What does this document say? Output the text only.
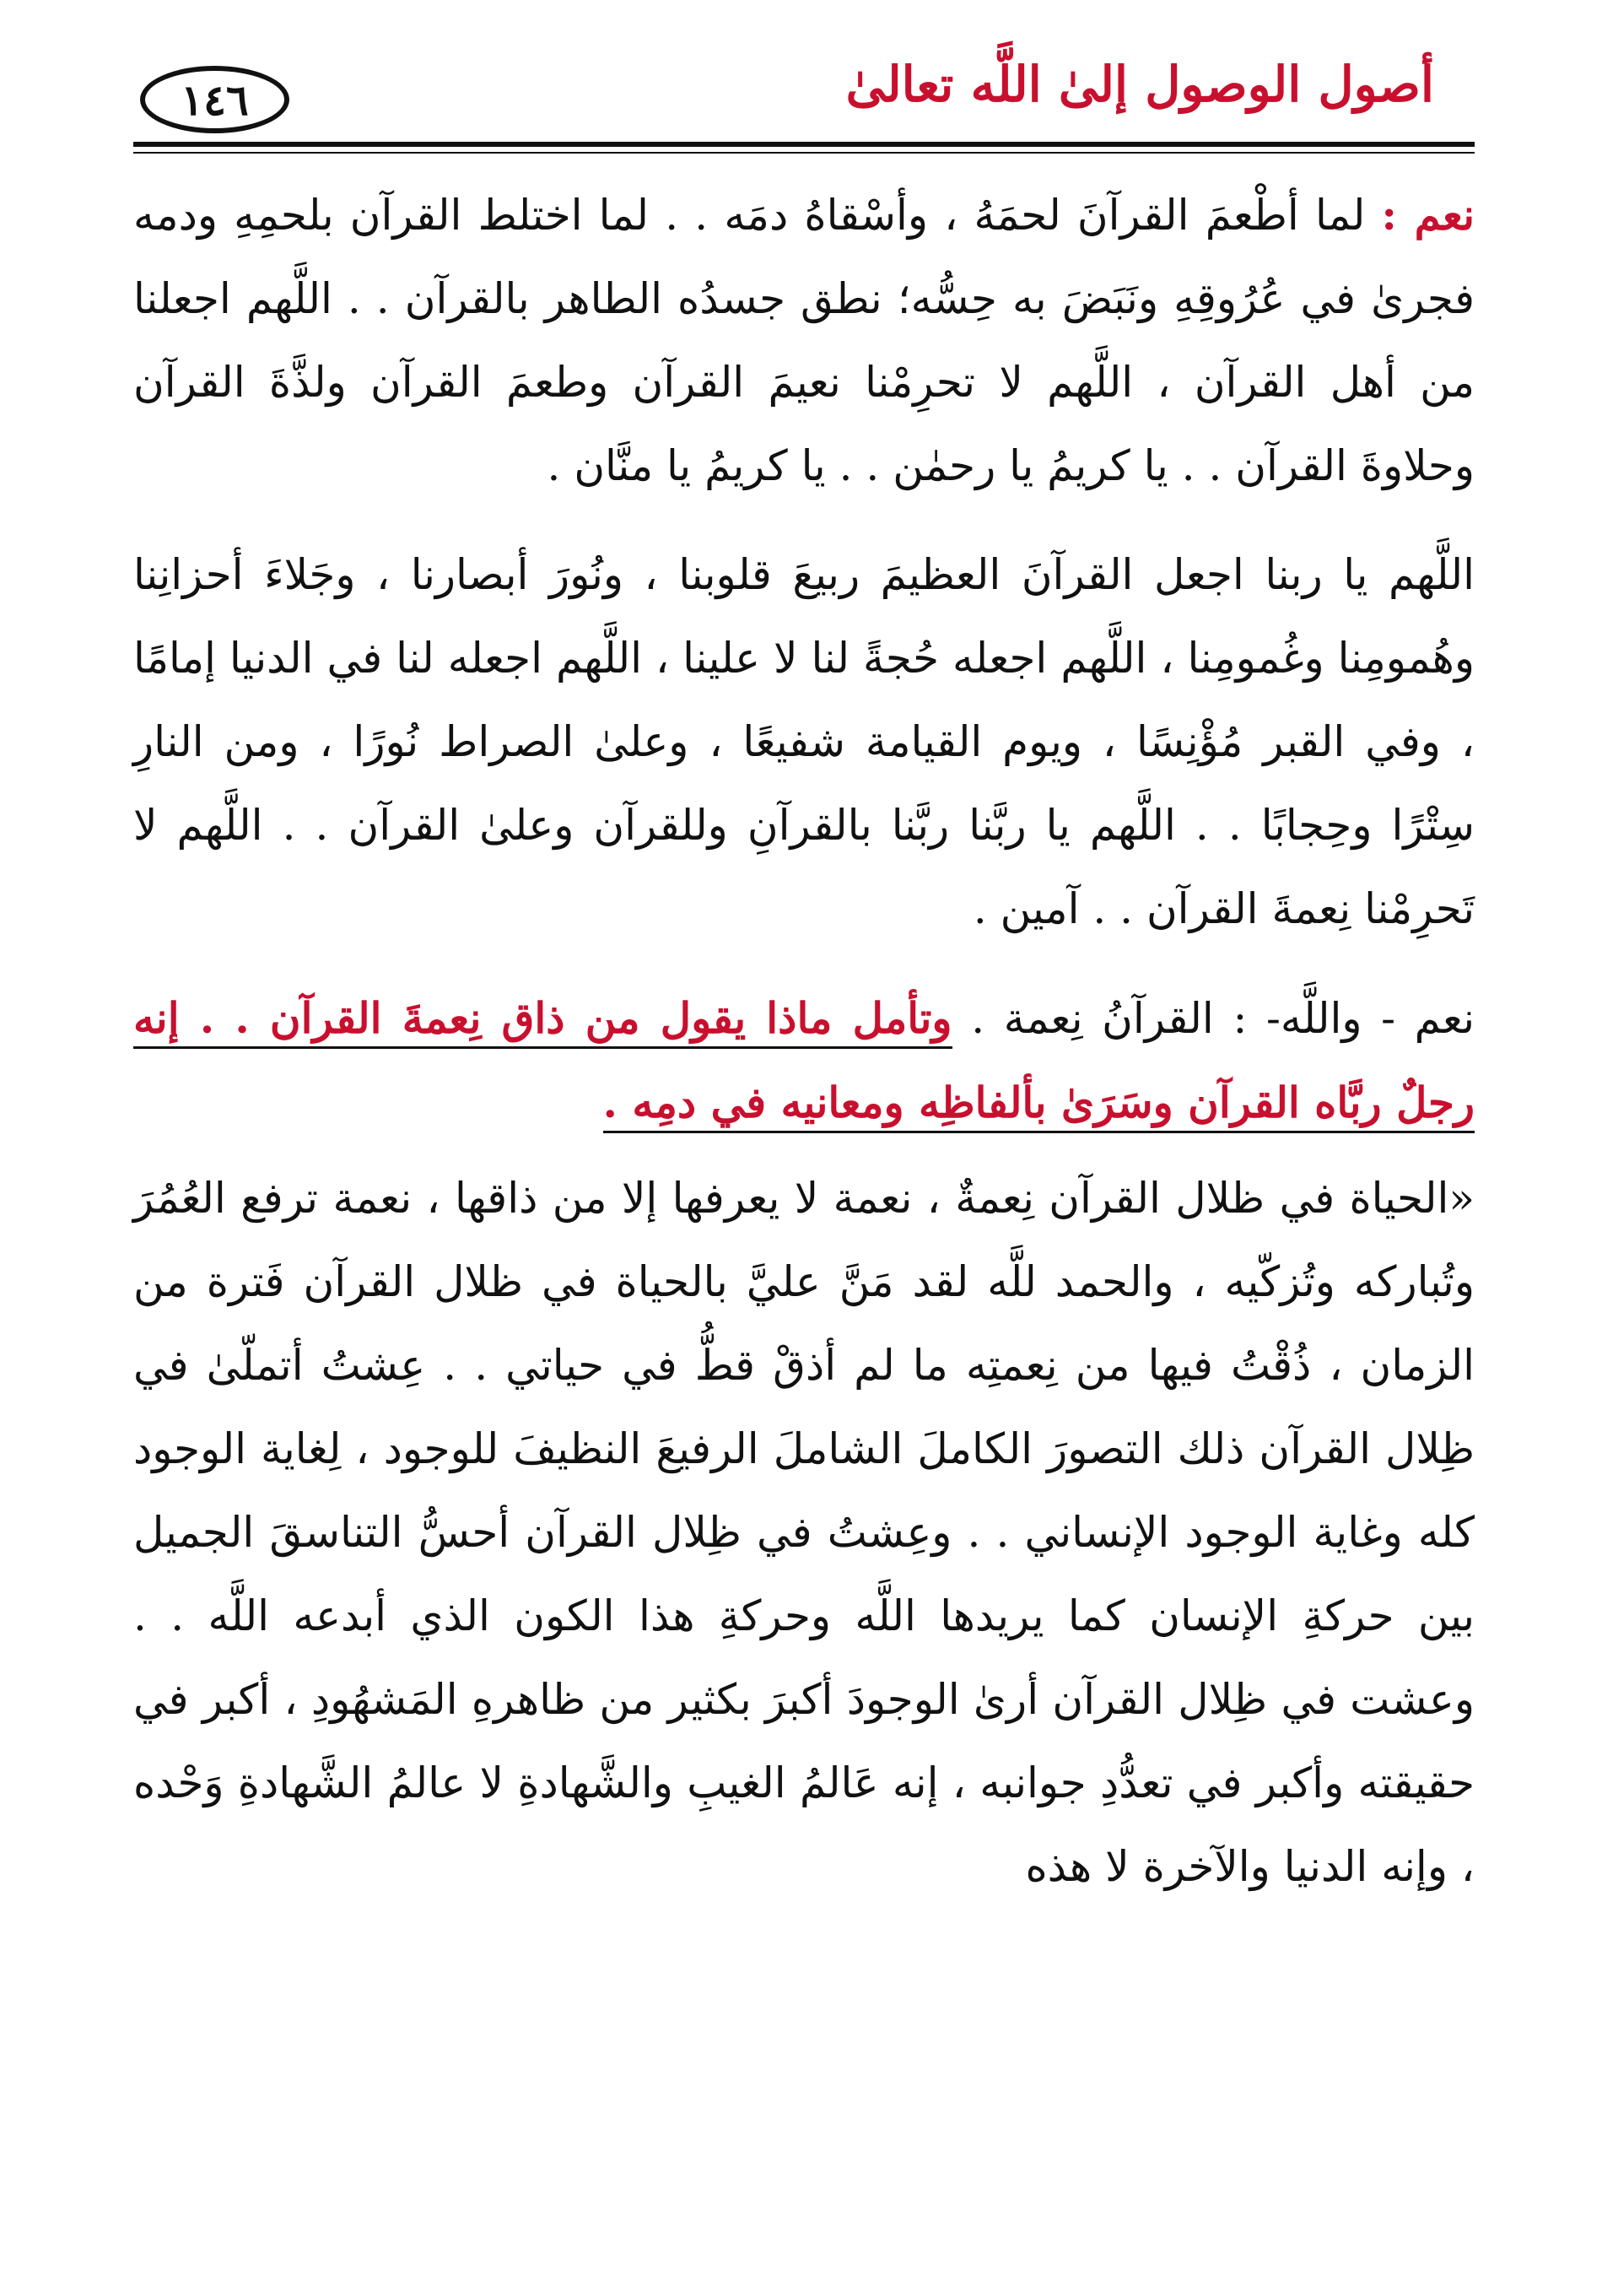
أصول الوصول إلىٰ اللَّه تعالىٰ
١٤٦

نعم : لما أطْعمَ القرآنَ لحمَهُ ، وأسْقاهُ دمَه . . لما اختلط القرآن بلحمِهِ ودمه فجرىٰ في عُرُوقِهِ ونَبَضَ به حِسُّه؛ نطق جسدُه الطاهر بالقرآن . . اللَّهم اجعلنا من أهل القرآن ، اللَّهم لا تحرِمْنا نعيمَ القرآن وطعمَ القرآن ولذَّةَ القرآن وحلاوةَ القرآن . . يا كريمُ يا رحمٰن . . يا كريمُ يا منَّان .

اللَّهم يا ربنا اجعل القرآنَ العظيمَ ربيعَ قلوبنا ، ونُورَ أبصارنا ، وجَلاءَ أحزانِنا وهُمومِنا وغُمومِنا ، اللَّهم اجعله حُجةً لنا لا علينا ، اللَّهم اجعله لنا في الدنيا إمامًا ، وفي القبر مُؤْنِسًا ، ويوم القيامة شفيعًا ، وعلىٰ الصراط نُورًا ، ومن النارِ سِتْرًا وحِجابًا . . اللَّهم يا ربَّنا ربَّنا بالقرآنِ وللقرآن وعلىٰ القرآن . . اللَّهم لا تَحرِمْنا نِعمةَ القرآن . . آمين .

نعم - واللَّه- : القرآنُ نِعمة . وتأمل ماذا يقول من ذاق نِعمةَ القرآن . . إنه رجلٌ ربَّاه القرآن وسَرَىٰ بألفاظِه ومعانيه في دمِه .

«الحياة في ظلال القرآن نِعمةٌ ، نعمة لا يعرفها إلا من ذاقها ، نعمة ترفع العُمُرَ وتُباركه وتُزكّيه ، والحمد للَّه لقد مَنَّ عليَّ بالحياة في ظلال القرآن فَترة من الزمان ، ذُقْتُ فيها من نِعمتِه ما لم أذقْ قطُّ في حياتي . . عِشتُ أتملّىٰ في ظِلال القرآن ذلك التصورَ الكاملَ الشاملَ الرفيعَ النظيفَ للوجود ، لِغاية الوجود كله وغاية الوجود الإنساني . . وعِشتُ في ظِلال القرآن أحسُّ التناسقَ الجميل بين حركةِ الإنسان كما يريدها اللَّه وحركةِ هذا الكون الذي أبدعه اللَّه . . وعشت في ظِلال القرآن أرىٰ الوجودَ أكبرَ بكثير من ظاهرهِ المَشهُودِ ، أكبر في حقيقته وأكبر في تعدُّدِ جوانبه ، إنه عَالمُ الغيبِ والشَّهادةِ لا عالمُ الشَّهادةِ وَحْده ، وإنه الدنيا والآخرة لا هذه
